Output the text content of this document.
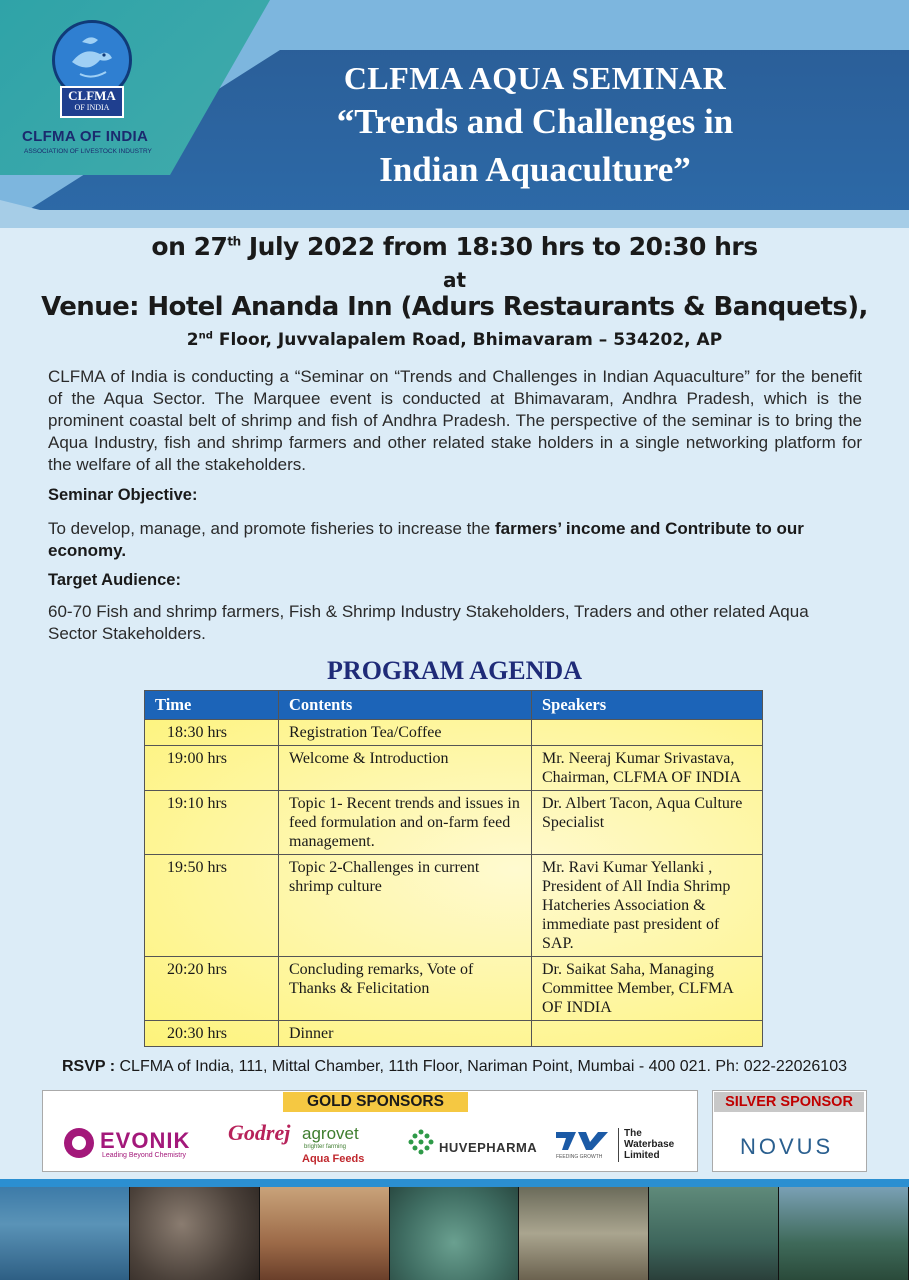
CLFMA
OF INDIA
CLFMA OF INDIA
ASSOCIATION OF LIVESTOCK INDUSTRY
CLFMA AQUA SEMINAR
“Trends and Challenges in
Indian Aquaculture”
on 27th July 2022 from 18:30 hrs to 20:30 hrs
at
Venue: Hotel Ananda Inn (Adurs Restaurants & Banquets),
2nd Floor, Juvvalapalem Road, Bhimavaram – 534202, AP
CLFMA of India is conducting a “Seminar on “Trends and Challenges in Indian Aquaculture” for the benefit of the Aqua Sector. The Marquee event is conducted at Bhimavaram, Andhra Pradesh, which is the prominent coastal belt of shrimp and fish of Andhra Pradesh. The perspective of the seminar is to bring the Aqua Industry, fish and shrimp farmers and other related stake holders in a single networking platform for the welfare of all the stakeholders.
Seminar Objective:
To develop, manage, and promote fisheries to increase the farmers’ income and Contribute to our economy.
Target Audience:
60-70 Fish and shrimp farmers, Fish & Shrimp Industry Stakeholders, Traders and other related Aqua Sector Stakeholders.
PROGRAM AGENDA
Time	Contents	Speakers
18:30 hrs	Registration Tea/Coffee	
19:00 hrs	Welcome & Introduction	Mr. Neeraj Kumar Srivastava, Chairman, CLFMA OF INDIA
19:10 hrs	Topic 1- Recent trends and issues in feed formulation and on-farm feed management.	Dr. Albert Tacon, Aqua Culture Specialist
19:50 hrs	Topic 2-Challenges in current shrimp culture	Mr. Ravi Kumar Yellanki , President of All India Shrimp Hatcheries Association & immediate past president of SAP.
20:20 hrs	Concluding remarks, Vote of Thanks & Felicitation	Dr. Saikat Saha, Managing Committee Member, CLFMA OF INDIA
20:30 hrs	Dinner	
RSVP : CLFMA of India, 111, Mittal Chamber, 11th Floor, Nariman Point, Mumbai - 400 021. Ph: 022-22026103
GOLD SPONSORS	SILVER SPONSOR
EVONIK
Leading Beyond Chemistry
Godrej agrovet
brighter farming
Aqua Feeds
HUVEPHARMA
The
Waterbase
Limited
FEEDING GROWTH	NOVUS
